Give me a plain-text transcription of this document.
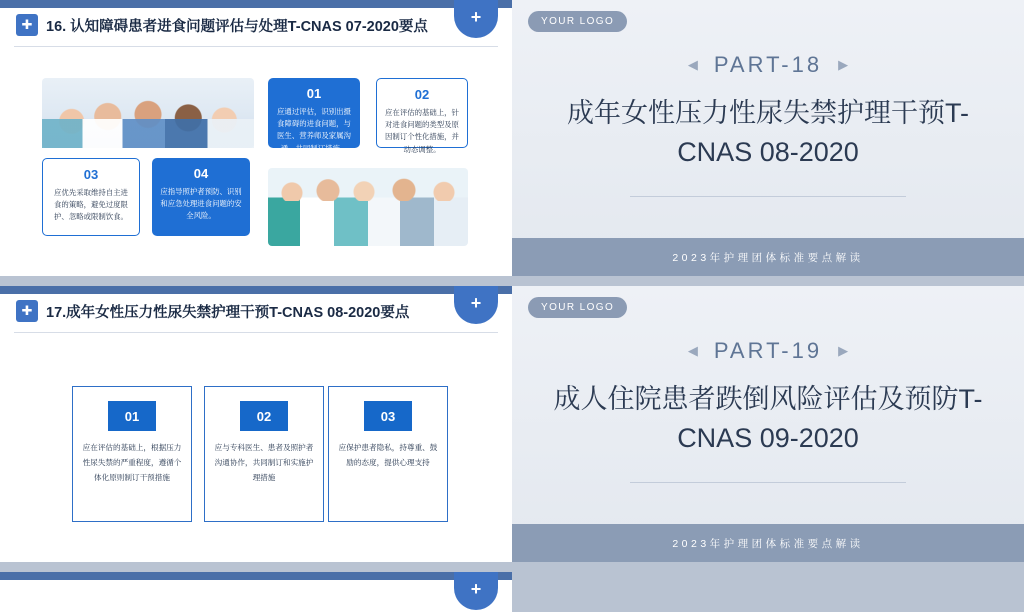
+
✚ 16. 认知障碍患者进食问题评估与处理T-CNAS 07-2020要点
01
应通过评估，识别出摄食障碍的进食问题，与医生、营养师及家属沟通，共同制订措施。
02
应在评估的基础上，针对进食问题的类型及原因制订个性化措施，并动态调整。
03
应优先采取维持自主进食的策略，避免过度限护、忽略或限制饮食。
04
应指导照护者预防、识别和应急处理进食问题的安全风险。
+
✚ 17.成年女性压力性尿失禁护理干预T-CNAS 08-2020要点
01
应在评估的基础上，根据压力性尿失禁的严重程度，遵循个体化原则制订干预措施
02
应与专科医生、患者及照护者沟通协作，共同制订和实施护理措施
03
应保护患者隐私，持尊重、鼓励的态度，提供心理支持
+
YOUR LOGO
◀ PART-18 ▶
成年女性压力性尿失禁护理干预T-CNAS 08-2020
2023年护理团体标准要点解读
YOUR LOGO
◀ PART-19 ▶
成人住院患者跌倒风险评估及预防T-CNAS 09-2020
2023年护理团体标准要点解读
